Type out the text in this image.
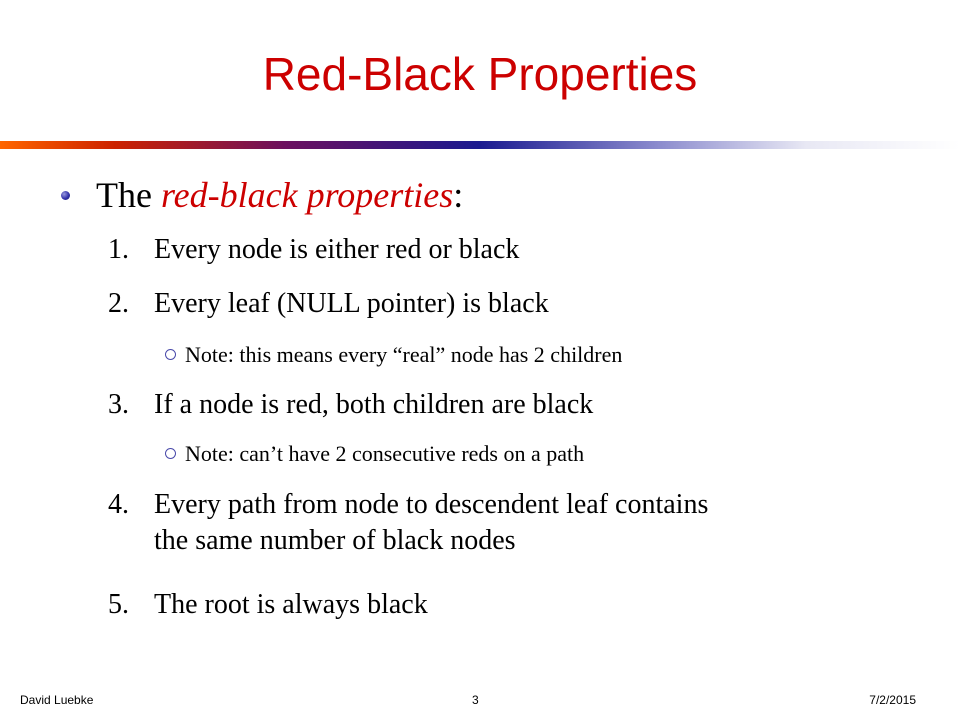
Red-Black Properties
The red-black properties:
1. Every node is either red or black
2. Every leaf (NULL pointer) is black
Note: this means every “real” node has 2 children
3. If a node is red, both children are black
Note: can’t have 2 consecutive reds on a path
4. Every path from node to descendent leaf contains
the same number of black nodes
5. The root is always black
David Luebke	3	7/2/2015
